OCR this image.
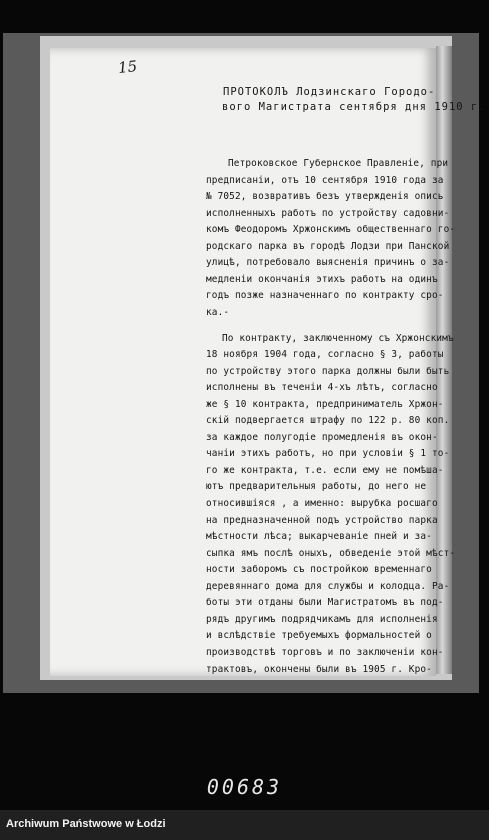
15
ПРОТОКОЛЪ Лодзинскаго Городо-
вого Магистрата сентября дня 1910 г.
Петроковское Губернское Правленіе, при
предписаніи, отъ 10 сентября 1910 года за
№ 7052, возвративъ безъ утвержденія опись
исполненныхъ работъ по устройству садовни-
комъ Феодоромъ Хржонскимъ общественнаго го-
родскаго парка въ городѣ Лодзи при Панской
улицѣ, потребовало выясненія причинъ о за-
медленіи окончанія этихъ работъ на одинъ
годъ позже назначеннаго по контракту сро-
ка.-
По контракту, заключенному съ Хржонскимъ
18 ноября 1904 года, согласно § 3, работы
по устройству этого парка должны были быть
исполнены въ теченіи 4-хъ лѣтъ, согласно
же § 10 контракта, предприниматель Хржон-
скій подвергается штрафу по 122 р. 80 коп.
за каждое полугодіе промедленія въ окон-
чаніи этихъ работъ, но при условіи § 1 то-
го же контракта, т.е. если ему не помѣша-
ютъ предварительныя работы, до него не
относившіяся , а именно: вырубка росшаго
на предназначенной подъ устройство парка
мѣстности лѣса; выкарчеваніе пней и за-
сыпка ямъ послѣ оныхъ, обведеніе этой мѣст-
ности заборомъ съ постройкою временнаго
деревяннаго дома для службы и колодца. Ра-
боты эти отданы были Магистратомъ въ под-
рядъ другимъ подрядчикамъ для исполненія
и вслѣдствіе требуемыхъ формальностей о
производствѣ торговъ и по заключеніи кон-
трактовъ, окончены были въ 1905 г. Кро-
00683
Archiwum Państwowe w Łodzi
